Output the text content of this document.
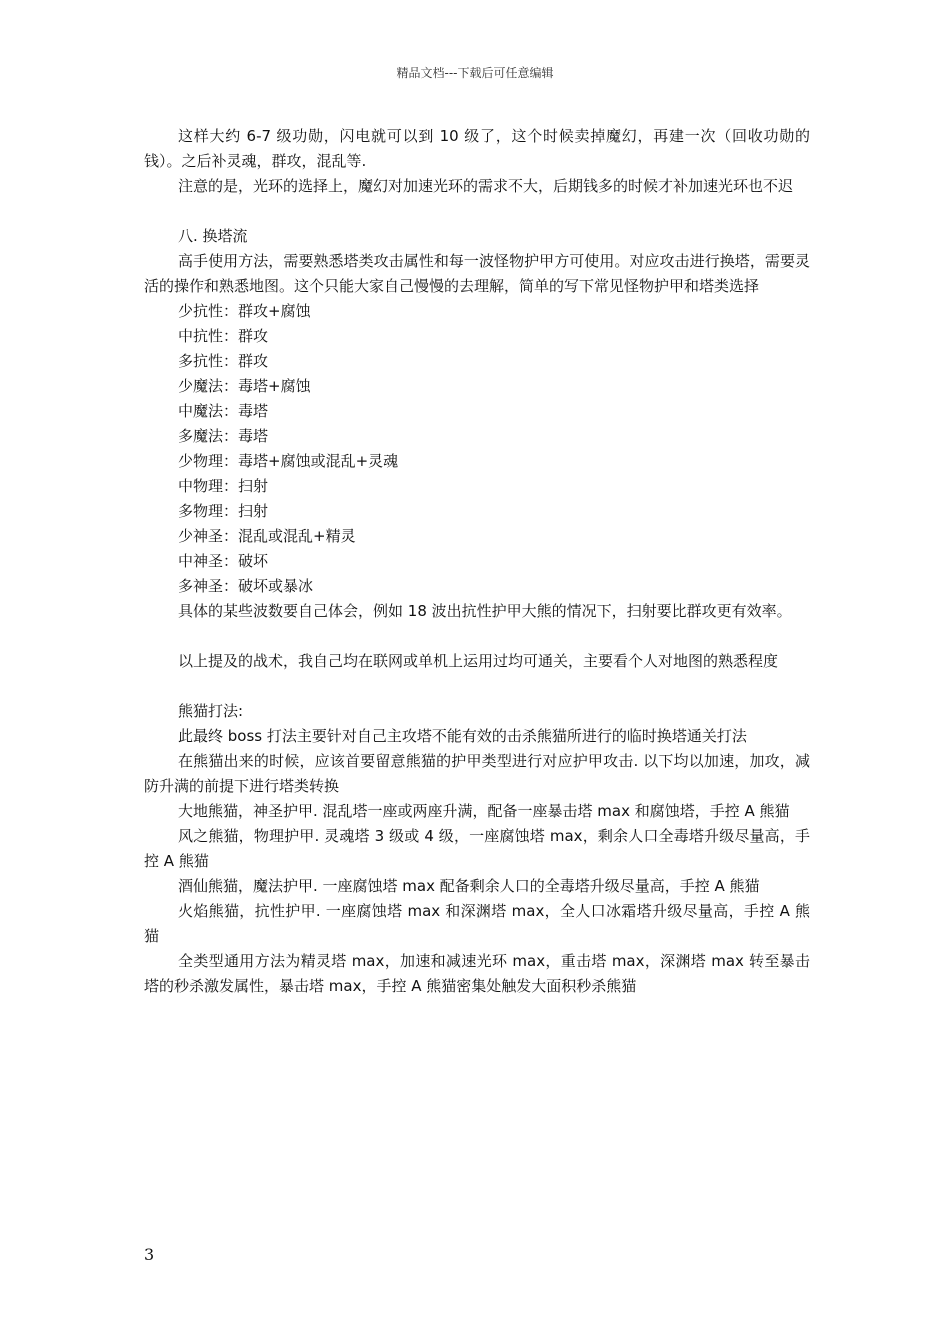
精品文档---下载后可任意编辑

这样大约 6-7 级功勋，闪电就可以到 10 级了，这个时候卖掉魔幻，再建一次（回收功勋的钱）。之后补灵魂，群攻，混乱等.

注意的是，光环的选择上，魔幻对加速光环的需求不大，后期钱多的时候才补加速光环也不迟

八. 换塔流

高手使用方法，需要熟悉塔类攻击属性和每一波怪物护甲方可使用。对应攻击进行换塔，需要灵活的操作和熟悉地图。这个只能大家自己慢慢的去理解，简单的写下常见怪物护甲和塔类选择

少抗性：群攻+腐蚀

中抗性：群攻

多抗性：群攻

少魔法：毒塔+腐蚀

中魔法：毒塔

多魔法：毒塔

少物理：毒塔+腐蚀或混乱+灵魂

中物理：扫射

多物理：扫射

少神圣：混乱或混乱+精灵

中神圣：破坏

多神圣：破坏或暴冰

具体的某些波数要自己体会，例如 18 波出抗性护甲大熊的情况下，扫射要比群攻更有效率。

以上提及的战术，我自己均在联网或单机上运用过均可通关，主要看个人对地图的熟悉程度

熊猫打法:

此最终 boss 打法主要针对自己主攻塔不能有效的击杀熊猫所进行的临时换塔通关打法

在熊猫出来的时候，应该首要留意熊猫的护甲类型进行对应护甲攻击. 以下均以加速，加攻，减防升满的前提下进行塔类转换

大地熊猫，神圣护甲. 混乱塔一座或两座升满，配备一座暴击塔 max 和腐蚀塔，手控 A 熊猫

风之熊猫，物理护甲. 灵魂塔 3 级或 4 级，一座腐蚀塔 max，剩余人口全毒塔升级尽量高，手控 A 熊猫

酒仙熊猫，魔法护甲. 一座腐蚀塔 max 配备剩余人口的全毒塔升级尽量高，手控 A 熊猫

火焰熊猫，抗性护甲. 一座腐蚀塔 max 和深渊塔 max，全人口冰霜塔升级尽量高，手控 A 熊猫

全类型通用方法为精灵塔 max，加速和减速光环 max，重击塔 max，深渊塔 max 转至暴击塔的秒杀激发属性，暴击塔 max，手控 A 熊猫密集处触发大面积秒杀熊猫

3
